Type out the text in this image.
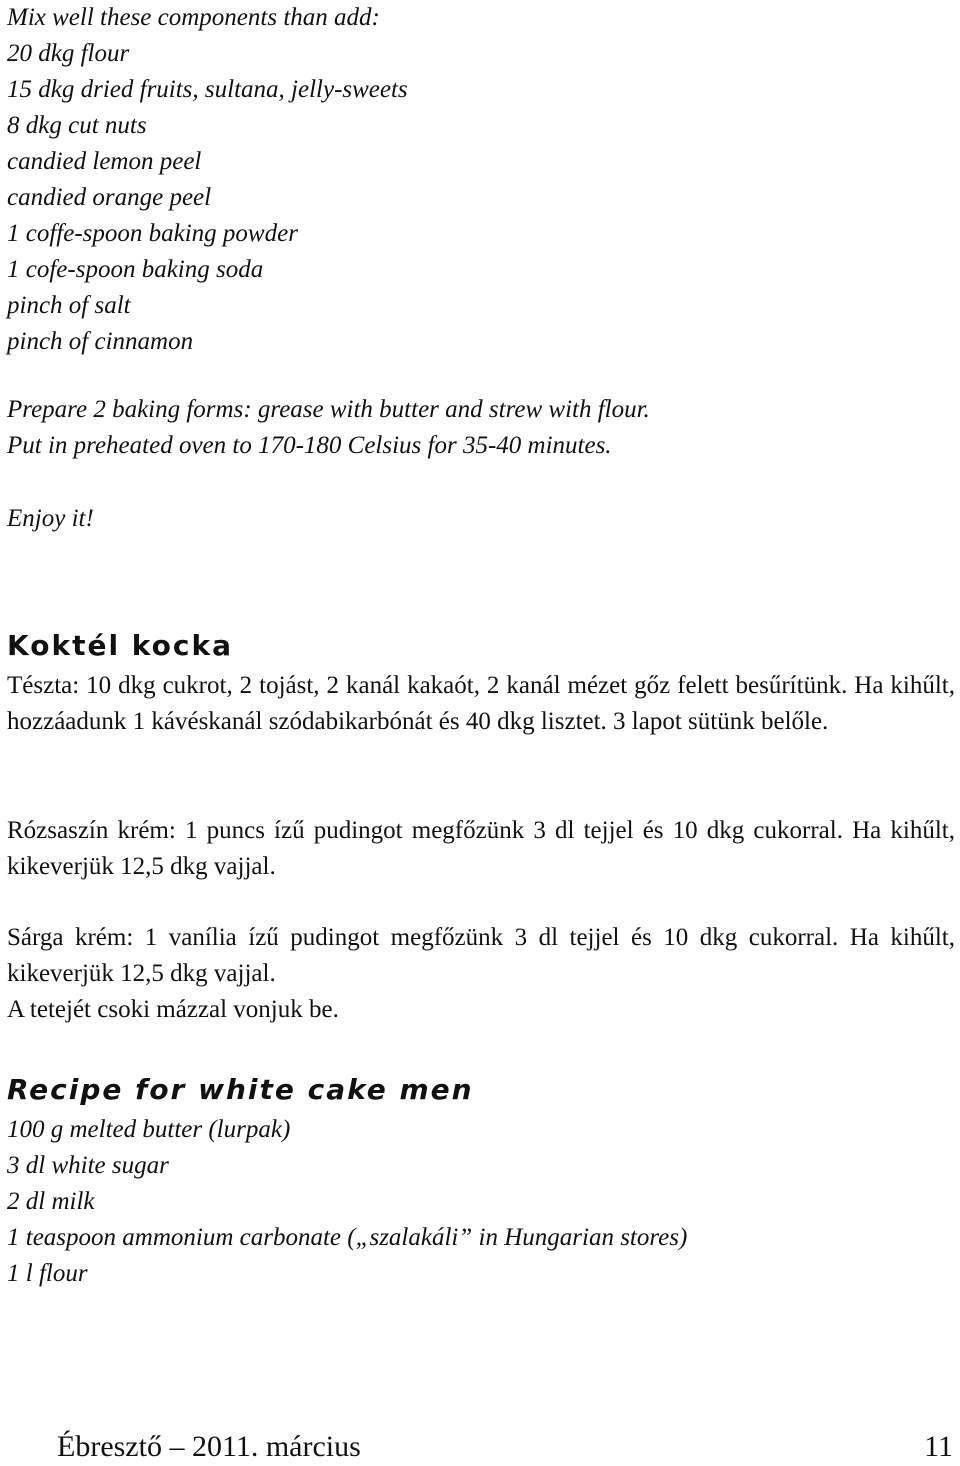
Mix well these components than add:
20 dkg flour
15 dkg dried fruits, sultana, jelly-sweets
8 dkg cut nuts
candied lemon peel
candied orange peel
1 coffe-spoon baking powder
1 cofe-spoon baking soda
pinch of salt
pinch of cinnamon
Prepare 2 baking forms: grease with butter and strew with flour.
Put in preheated oven to 170-180 Celsius for 35-40 minutes.
Enjoy it!
Koktél kocka

Tészta: 10 dkg cukrot, 2 tojást, 2 kanál kakaót, 2 kanál mézet gőz felett besűrítünk. Ha kihűlt, hozzáadunk 1 kávéskanál szódabikarbónát és 40 dkg lisztet. 3 lapot sütünk belőle.

Rózsaszín krém: 1 puncs ízű pudingot megfőzünk 3 dl tejjel és 10 dkg cukorral. Ha kihűlt, kikeverjük 12,5 dkg vajjal.

Sárga krém: 1 vanília ízű pudingot megfőzünk 3 dl tejjel és 10 dkg cukorral. Ha kihűlt, kikeverjük 12,5 dkg vajjal.
A tetejét csoki mázzal vonjuk be.
Recipe for white cake men
100 g melted butter (lurpak)
3 dl white sugar
2 dl milk
1 teaspoon ammonium carbonate („szalakáli” in Hungarian stores)
1 l flour
Ébresztő – 2011. március	11
